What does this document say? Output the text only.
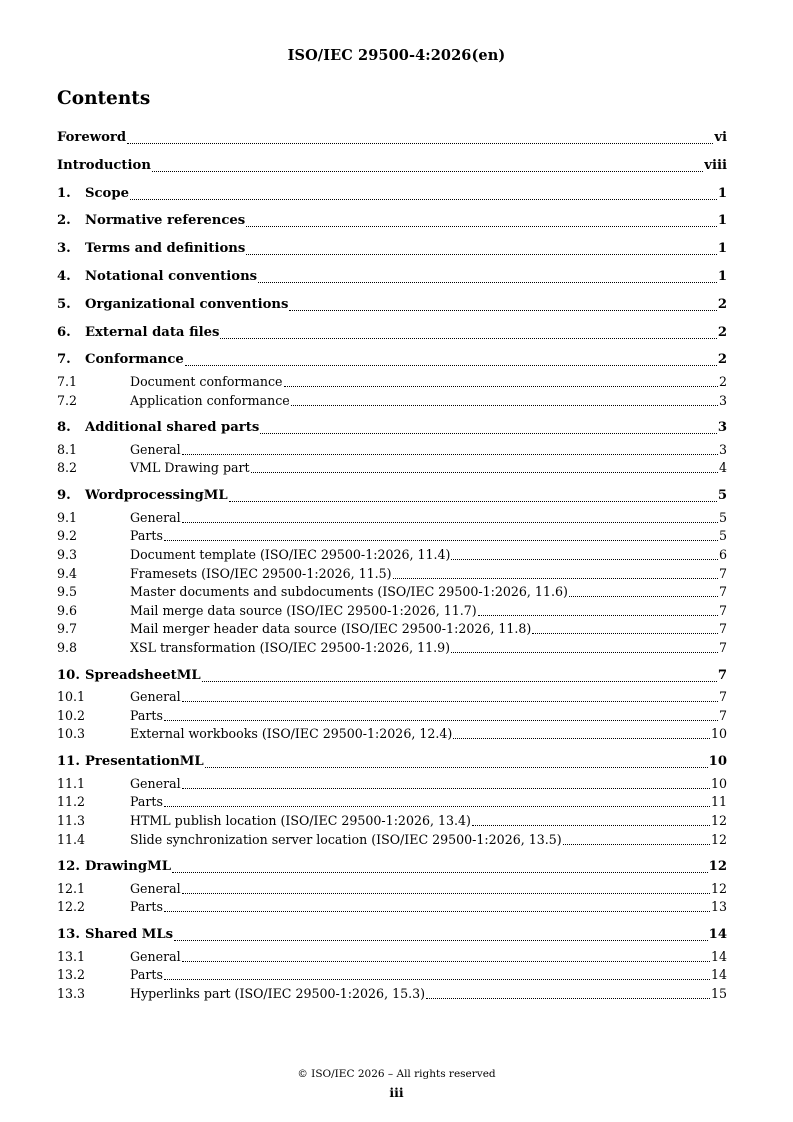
ISO/IEC 29500-4:2026(en)
Contents
Foreword	vi
Introduction	viii
1.	Scope	1
2.	Normative references	1
3.	Terms and definitions	1
4.	Notational conventions	1
5.	Organizational conventions	2
6.	External data files	2
7.	Conformance	2
7.1	Document conformance	2
7.2	Application conformance	3
8.	Additional shared parts	3
8.1	General	3
8.2	VML Drawing part	4
9.	WordprocessingML	5
9.1	General	5
9.2	Parts	5
9.3	Document template (ISO/IEC 29500-1:2026, 11.4)	6
9.4	Framesets (ISO/IEC 29500-1:2026, 11.5)	7
9.5	Master documents and subdocuments (ISO/IEC 29500-1:2026, 11.6)	7
9.6	Mail merge data source (ISO/IEC 29500-1:2026, 11.7)	7
9.7	Mail merger header data source (ISO/IEC 29500-1:2026, 11.8)	7
9.8	XSL transformation (ISO/IEC 29500-1:2026, 11.9)	7
10. SpreadsheetML	7
10.1	General	7
10.2	Parts	7
10.3	External workbooks (ISO/IEC 29500-1:2026, 12.4)	10
11. PresentationML	10
11.1	General	10
11.2	Parts	11
11.3	HTML publish location (ISO/IEC 29500-1:2026, 13.4)	12
11.4	Slide synchronization server location (ISO/IEC 29500-1:2026, 13.5)	12
12. DrawingML	12
12.1	General	12
12.2	Parts	13
13. Shared MLs	14
13.1	General	14
13.2	Parts	14
13.3	Hyperlinks part (ISO/IEC 29500-1:2026, 15.3)	15
© ISO/IEC 2026 – All rights reserved
iii
